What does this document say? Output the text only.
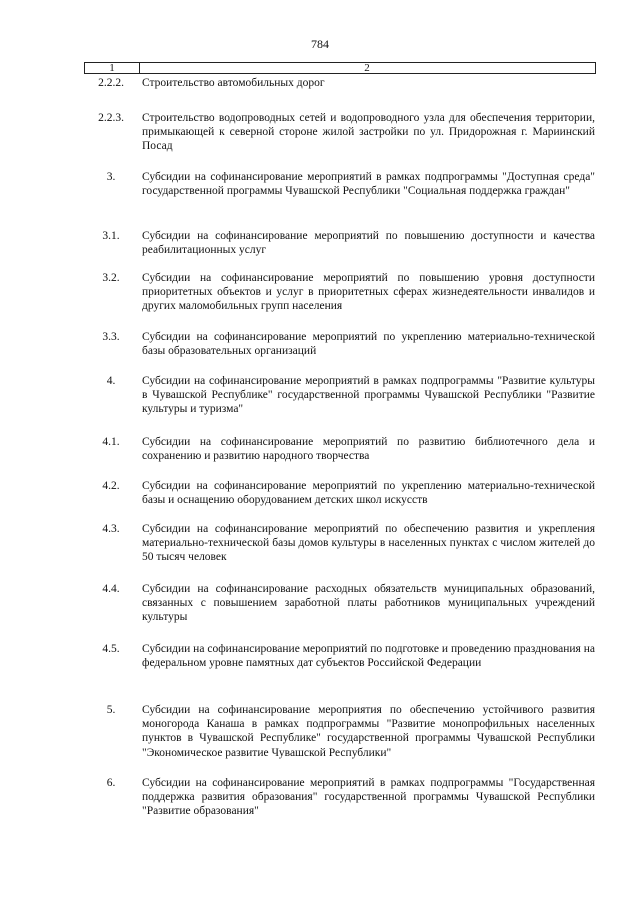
784
1	2
2.2.2.	Строительство автомобильных дорог
2.2.3.	Строительство водопроводных сетей и водопроводного узла для обеспечения территории, примыкающей к северной стороне жилой застройки по ул. Придорожная г. Мариинский Посад
3.	Субсидии на софинансирование мероприятий в рамках подпрограммы "Доступная среда" государственной программы Чувашской Республики "Социальная поддержка граждан"
3.1.	Субсидии на софинансирование мероприятий по повышению доступности и качества реабилитационных услуг
3.2.	Субсидии на софинансирование мероприятий по повышению уровня доступности приоритетных объектов и услуг в приоритетных сферах жизнедеятельности инвалидов и других маломобильных групп населения
3.3.	Субсидии на софинансирование мероприятий по укреплению материально-технической базы образовательных организаций
4.	Субсидии на софинансирование мероприятий в рамках подпрограммы "Развитие культуры в Чувашской Республике" государственной программы Чувашской Республики "Развитие культуры и туризма"
4.1.	Субсидии на софинансирование мероприятий по развитию библиотечного дела и сохранению и развитию народного творчества
4.2.	Субсидии на софинансирование мероприятий по укреплению материально-технической базы и оснащению оборудованием детских школ искусств
4.3.	Субсидии на софинансирование мероприятий по обеспечению развития и укрепления материально-технической базы домов культуры в населенных пунктах с числом жителей до 50 тысяч человек
4.4.	Субсидии на софинансирование расходных обязательств муниципальных образований, связанных с повышением заработной платы работников муниципальных учреждений культуры
4.5.	Субсидии на софинансирование мероприятий по подготовке и проведению празднования на федеральном уровне памятных дат субъектов Российской Федерации
5.	Субсидии на софинансирование мероприятия по обеспечению устойчивого развития моногорода Канаша в рамках подпрограммы "Развитие монопрофильных населенных пунктов в Чувашской Республике" государственной программы Чувашской Республики "Экономическое развитие Чувашской Республики"
6.	Субсидии на софинансирование мероприятий в рамках подпрограммы "Государственная поддержка развития образования" государственной программы Чувашской Республики "Развитие образования"
